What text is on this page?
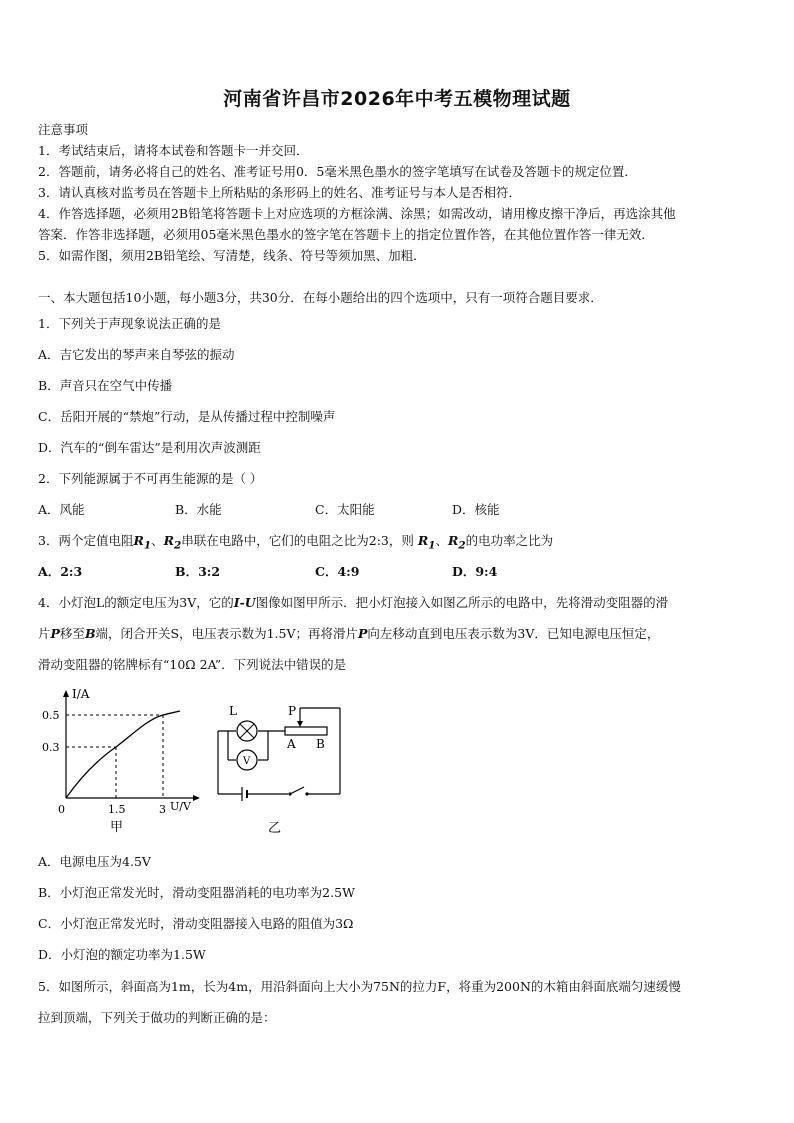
河南省许昌市2026年中考五模物理试题
注意事项
1．考试结束后，请将本试卷和答题卡一并交回．
2．答题前，请务必将自己的姓名、准考证号用0．5毫米黑色墨水的签字笔填写在试卷及答题卡的规定位置．
3．请认真核对监考员在答题卡上所粘贴的条形码上的姓名、准考证号与本人是否相符．
4．作答选择题，必须用2B铅笔将答题卡上对应选项的方框涂满、涂黑；如需改动，请用橡皮擦干净后，再选涂其他
答案．作答非选择题，必须用05毫米黑色墨水的签字笔在答题卡上的指定位置作答，在其他位置作答一律无效．
5．如需作图，须用2B铅笔绘、写清楚，线条、符号等须加黑、加粗．
一、本大题包括10小题，每小题3分，共30分．在每小题给出的四个选项中，只有一项符合题目要求．
1．下列关于声现象说法正确的是
A．吉它发出的琴声来自琴弦的振动
B．声音只在空气中传播
C．岳阳开展的“禁炮”行动，是从传播过程中控制噪声
D．汽车的“倒车雷达”是利用次声波测距
2．下列能源属于不可再生能源的是（ ）
A．风能	B．水能	C．太阳能	D．核能
3．两个定值电阻$R_1$、$R_2$串联在电路中，它们的电阻之比为2:3，则 $R_1$、$R_2$的电功率之比为
A．2:3	B．3:2	C．4:9	D．9:4
4．小灯泡L的额定电压为3V，它的I-U图像如图甲所示．把小灯泡接入如图乙所示的电路中，先将滑动变阻器的滑
片P移至B端，闭合开关S，电压表示数为1.5V；再将滑片P向左移动直到电压表示数为3V．已知电源电压恒定，
滑动变阻器的铭牌标有“10Ω 2A”．下列说法中错误的是
I/A
0.5
0.3
0	1.5	3 U/V
甲
V
L	P
A B
乙
A．电源电压为4.5V
B．小灯泡正常发光时，滑动变阻器消耗的电功率为2.5W
C．小灯泡正常发光时，滑动变阻器接入电路的阻值为3Ω
D．小灯泡的额定功率为1.5W
5．如图所示，斜面高为1m，长为4m，用沿斜面向上大小为75N的拉力F，将重为200N的木箱由斜面底端匀速缓慢
拉到顶端，下列关于做功的判断正确的是：
